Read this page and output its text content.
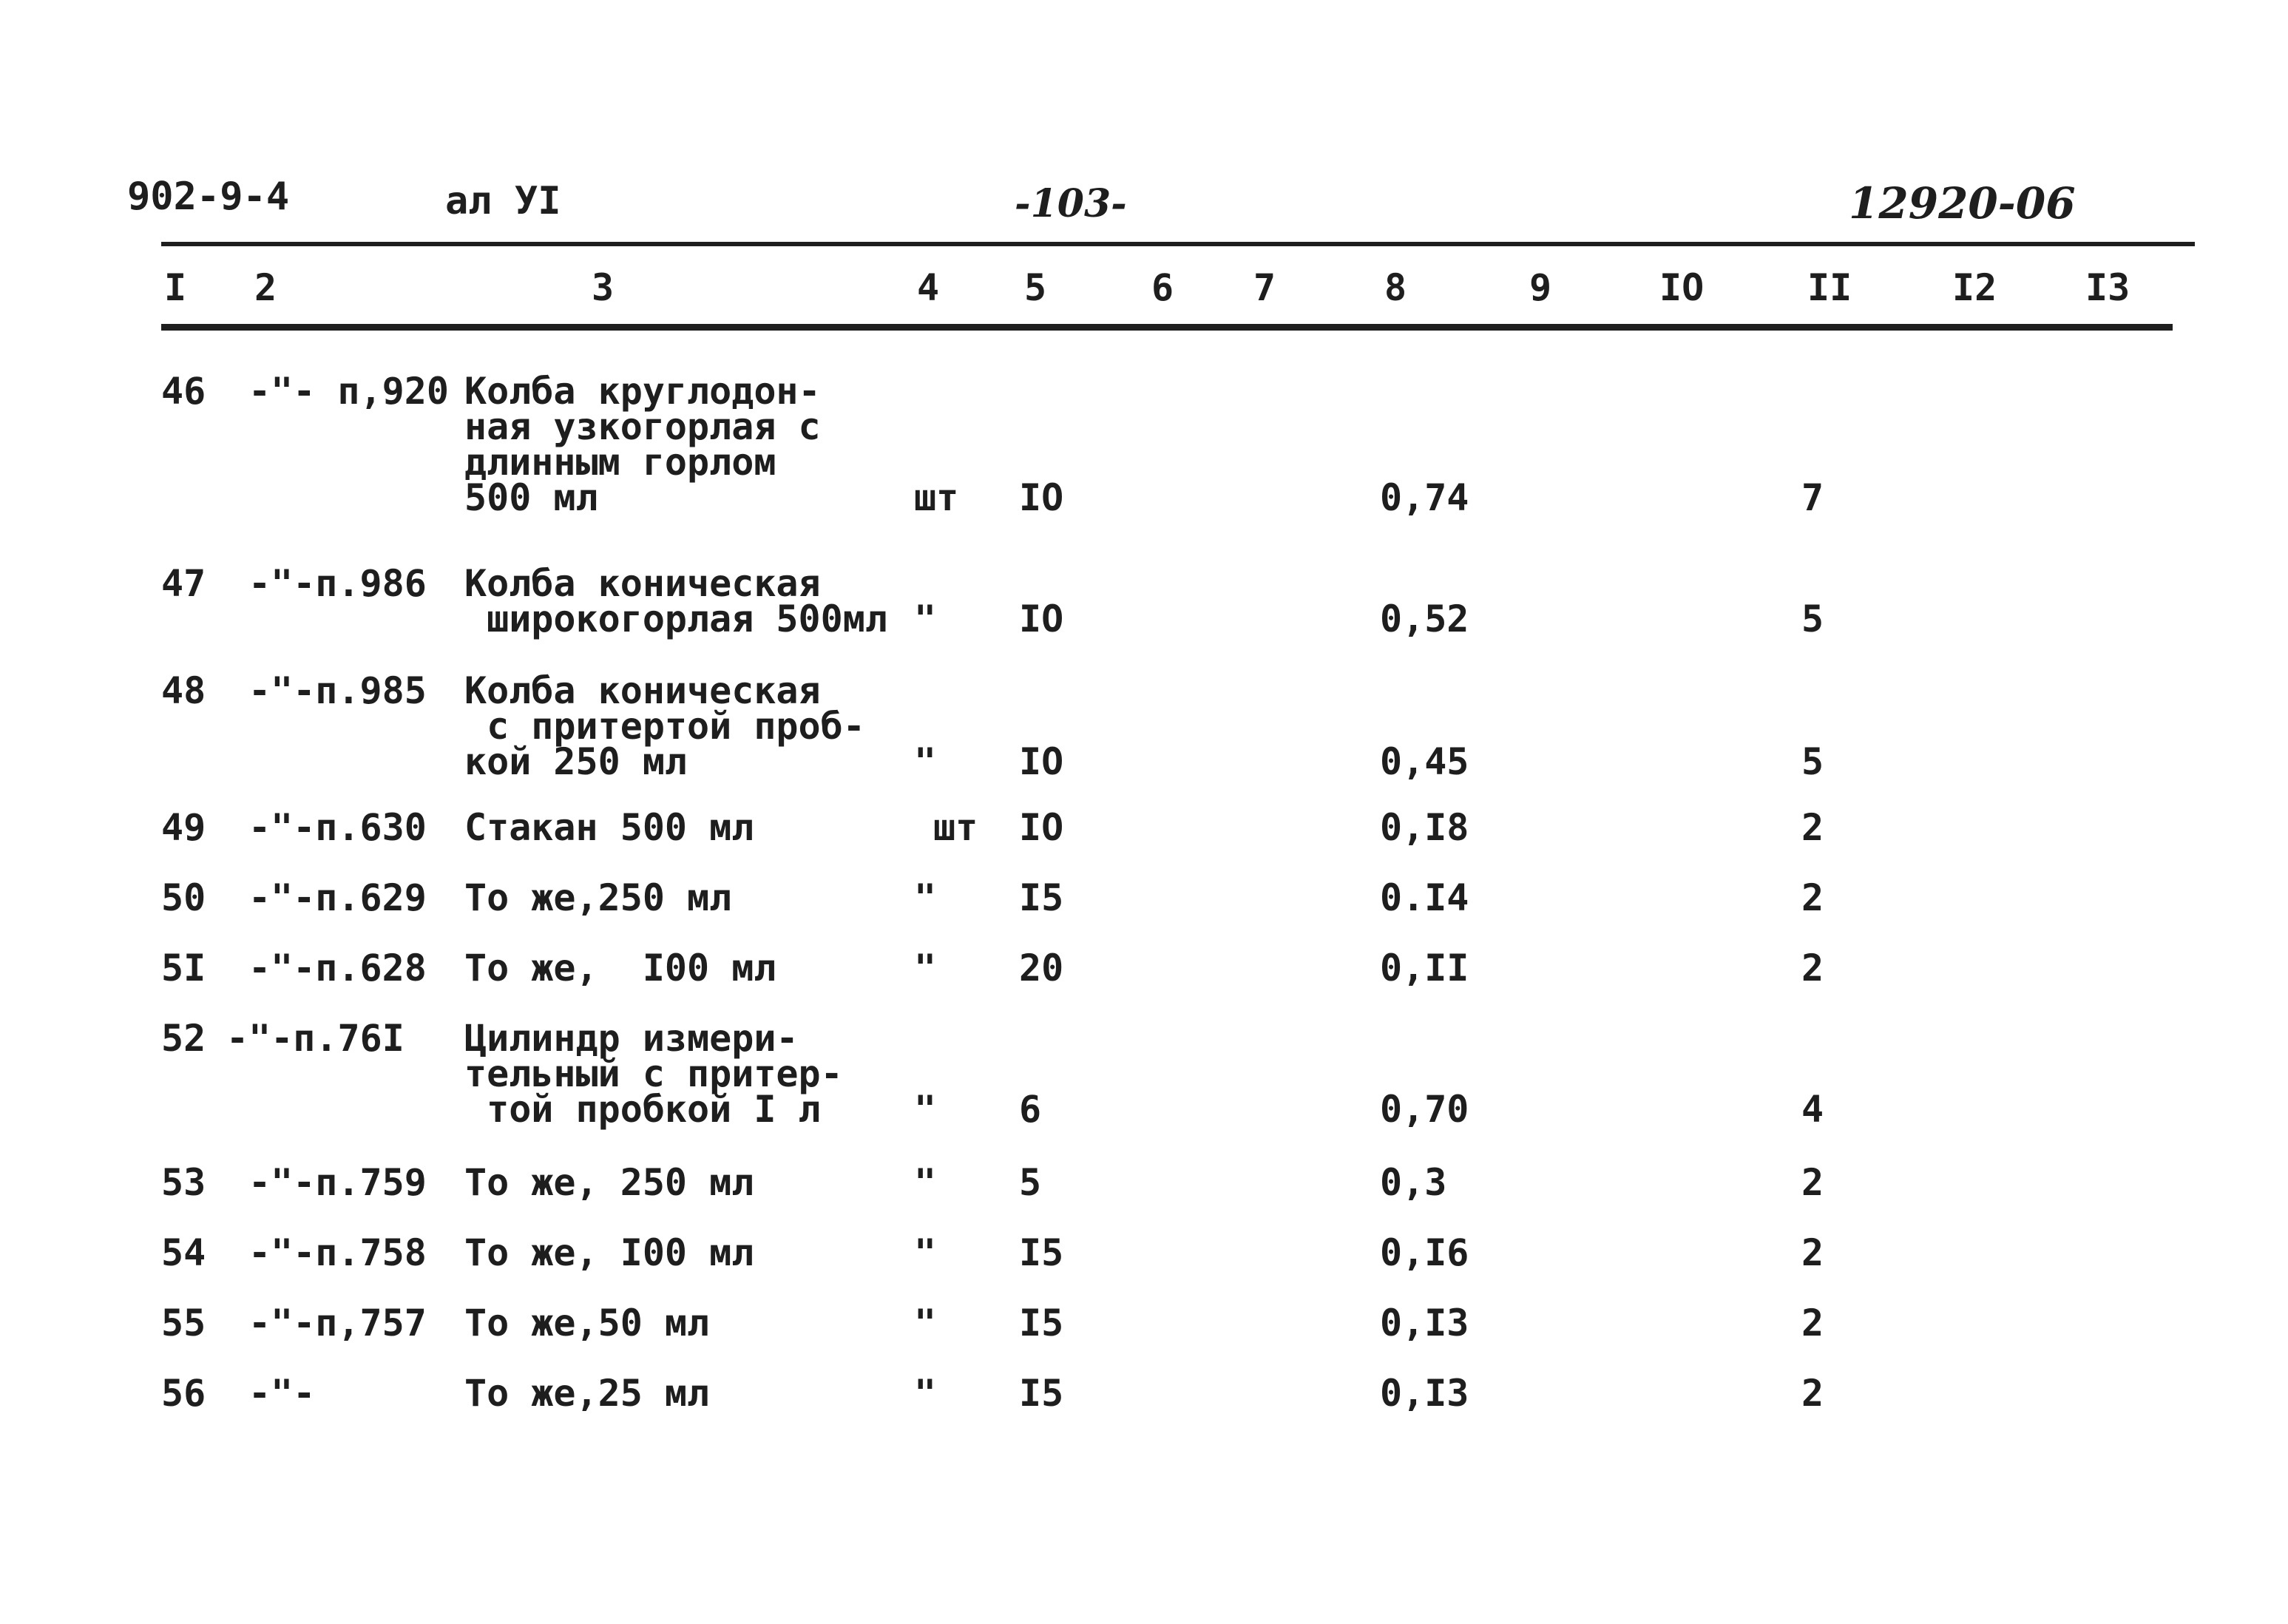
902-9-4	ал УI	-103-	12920-06
I 2	3	4 5	6 7	8	9	IO	II	I2 I3
46 -"- п,920 Колба круглодон-
ная узкогорлая с
длинным горлом
500 мл	шт IO	0,74	7
47 -"-п.986 Колба коническая
широкогорлая 500мл " IO	0,52	5
48 -"-п.985 Колба коническая
с притертой проб-
кой 250 мл	" IO	0,45	5
49 -"-п.630 Стакан 500 мл	шт IO	0,I8	2
50 -"-п.629 То же,250 мл	" I5	0.I4	2
5I -"-п.628 То же,  I00 мл	" 20	0,II	2
52 -"-п.76I Цилиндр измери-
тельный с притер-
той пробкой I л	" 6	0,70	4
53 -"-п.759 То же, 250 мл	" 5	0,3	2
54 -"-п.758 То же, I00 мл	" I5	0,I6	2
55 -"-п,757 То же,50 мл	" I5	0,I3	2
56 -"-	То же,25 мл	" I5	0,I3	2
